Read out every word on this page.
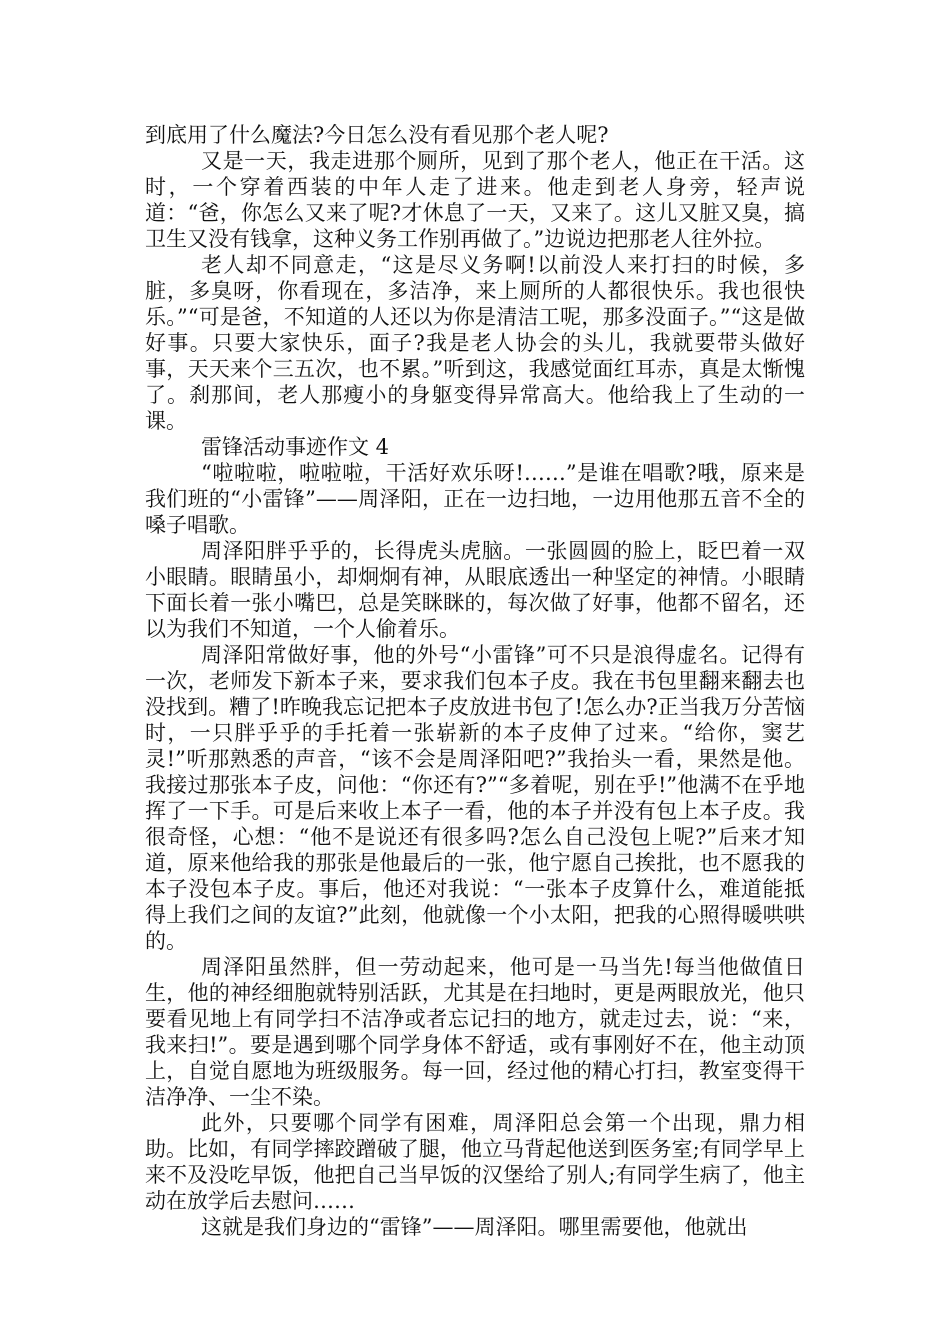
到底用了什么魔法?今日怎么没有看见那个老人呢?

又是一天，我走进那个厕所，见到了那个老人，他正在干活。这时，一个穿着西装的中年人走了进来。他走到老人身旁，轻声说道：“爸，你怎么又来了呢?才休息了一天，又来了。这儿又脏又臭，搞卫生又没有钱拿，这种义务工作别再做了。”边说边把那老人往外拉。

老人却不同意走，“这是尽义务啊!以前没人来打扫的时候，多脏，多臭呀，你看现在，多洁净，来上厕所的人都很快乐。我也很快乐。”“可是爸，不知道的人还以为你是清洁工呢，那多没面子。”“这是做好事。只要大家快乐，面子?我是老人协会的头儿，我就要带头做好事，天天来个三五次，也不累。”听到这，我感觉面红耳赤，真是太惭愧了。刹那间，老人那瘦小的身躯变得异常高大。他给我上了生动的一课。

雷锋活动事迹作文 4

“啦啦啦，啦啦啦，干活好欢乐呀!……”是谁在唱歌?哦，原来是我们班的“小雷锋”——周泽阳，正在一边扫地，一边用他那五音不全的嗓子唱歌。

周泽阳胖乎乎的，长得虎头虎脑。一张圆圆的脸上，眨巴着一双小眼睛。眼睛虽小，却炯炯有神，从眼底透出一种坚定的神情。小眼睛下面长着一张小嘴巴，总是笑眯眯的，每次做了好事，他都不留名，还以为我们不知道，一个人偷着乐。

周泽阳常做好事，他的外号“小雷锋”可不只是浪得虚名。记得有一次，老师发下新本子来，要求我们包本子皮。我在书包里翻来翻去也没找到。糟了!昨晚我忘记把本子皮放进书包了!怎么办?正当我万分苦恼时，一只胖乎乎的手托着一张崭新的本子皮伸了过来。“给你，窦艺灵!”听那熟悉的声音，“该不会是周泽阳吧?”我抬头一看，果然是他。我接过那张本子皮，问他：“你还有?”“多着呢，别在乎!”他满不在乎地挥了一下手。可是后来收上本子一看，他的本子并没有包上本子皮。我很奇怪，心想：“他不是说还有很多吗?怎么自己没包上呢?”后来才知道，原来他给我的那张是他最后的一张，他宁愿自己挨批，也不愿我的本子没包本子皮。事后，他还对我说：“一张本子皮算什么，难道能抵得上我们之间的友谊?”此刻，他就像一个小太阳，把我的心照得暖哄哄的。

周泽阳虽然胖，但一劳动起来，他可是一马当先!每当他做值日生，他的神经细胞就特别活跃，尤其是在扫地时，更是两眼放光，他只要看见地上有同学扫不洁净或者忘记扫的地方，就走过去，说：“来，我来扫!”。要是遇到哪个同学身体不舒适，或有事刚好不在，他主动顶上，自觉自愿地为班级服务。每一回，经过他的精心打扫，教室变得干洁净净、一尘不染。

此外，只要哪个同学有困难，周泽阳总会第一个出现，鼎力相助。比如，有同学摔跤蹭破了腿，他立马背起他送到医务室;有同学早上来不及没吃早饭，他把自己当早饭的汉堡给了别人;有同学生病了，他主动在放学后去慰问……

这就是我们身边的“雷锋”——周泽阳。哪里需要他，他就出
